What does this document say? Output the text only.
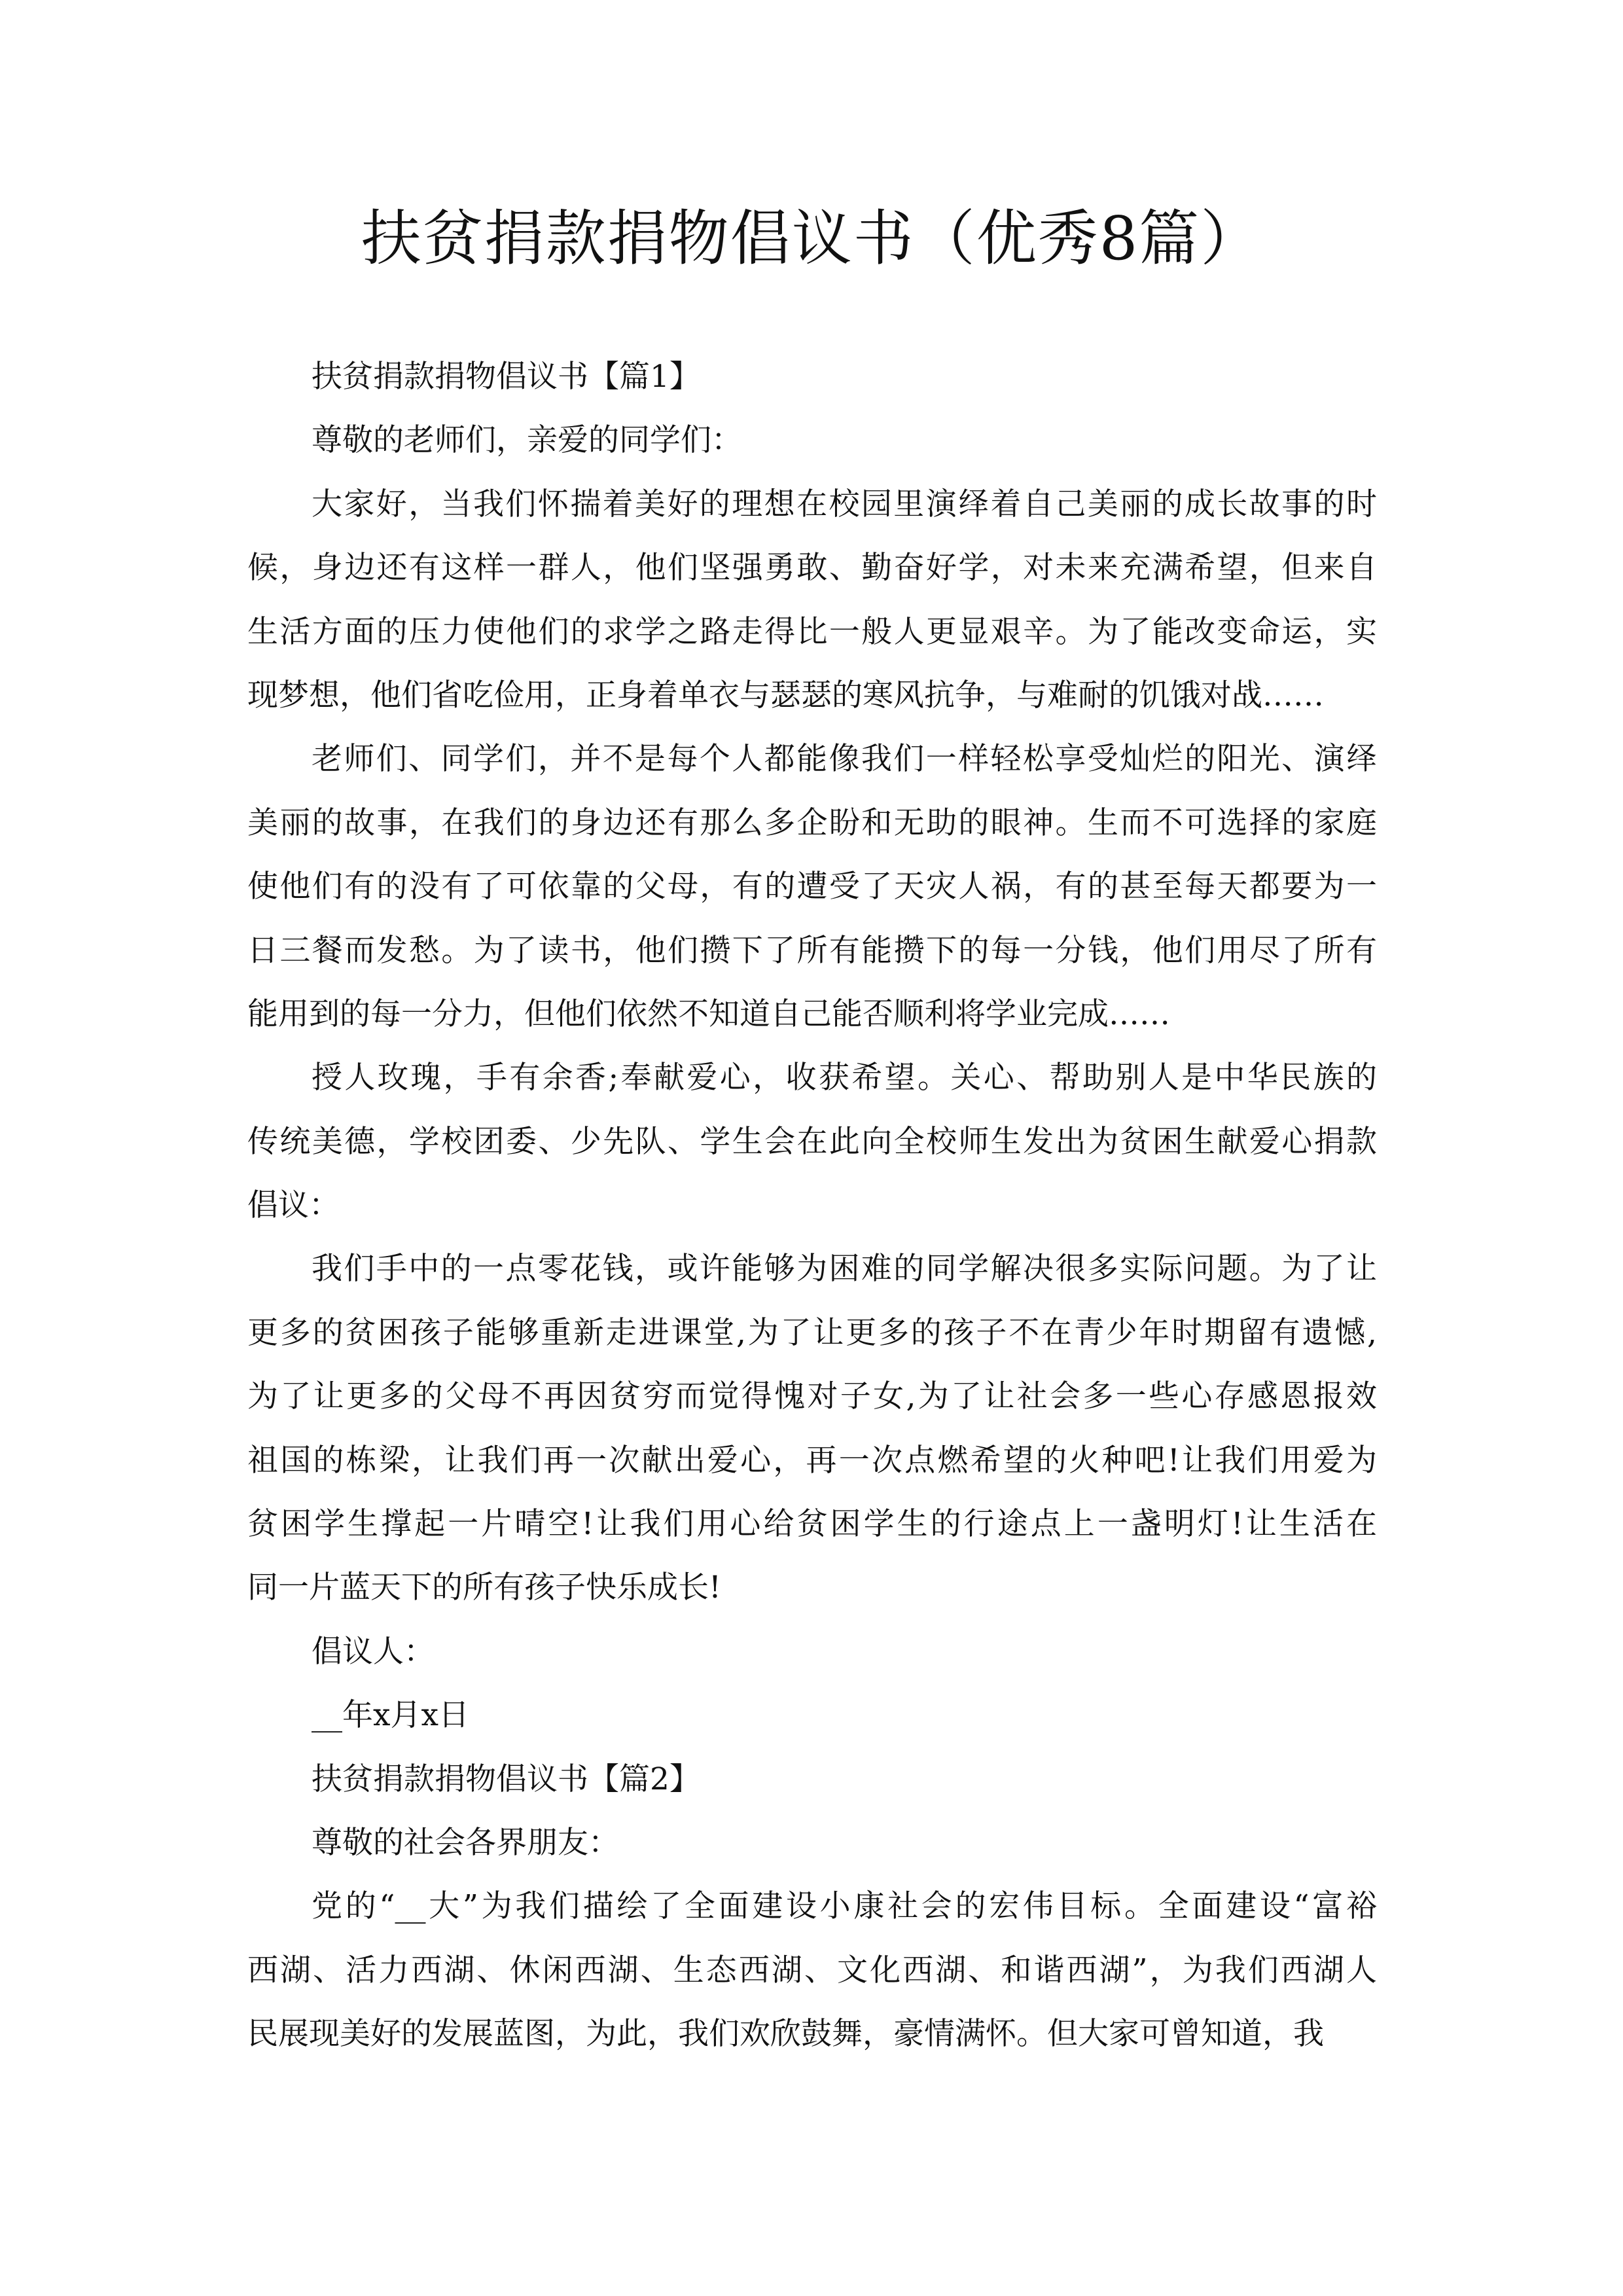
扶贫捐款捐物倡议书（优秀8篇）
扶贫捐款捐物倡议书【篇1】
尊敬的老师们，亲爱的同学们：
大家好，当我们怀揣着美好的理想在校园里演绎着自己美丽的成长故事的时
候，身边还有这样一群人，他们坚强勇敢、勤奋好学，对未来充满希望，但来自
生活方面的压力使他们的求学之路走得比一般人更显艰辛。为了能改变命运，实
现梦想，他们省吃俭用，正身着单衣与瑟瑟的寒风抗争，与难耐的饥饿对战……
老师们、同学们，并不是每个人都能像我们一样轻松享受灿烂的阳光、演绎
美丽的故事，在我们的身边还有那么多企盼和无助的眼神。生而不可选择的家庭
使他们有的没有了可依靠的父母，有的遭受了天灾人祸，有的甚至每天都要为一
日三餐而发愁。为了读书，他们攒下了所有能攒下的每一分钱，他们用尽了所有
能用到的每一分力，但他们依然不知道自己能否顺利将学业完成……
授人玫瑰，手有余香;奉献爱心，收获希望。关心、帮助别人是中华民族的
传统美德，学校团委、少先队、学生会在此向全校师生发出为贫困生献爱心捐款
倡议：
我们手中的一点零花钱，或许能够为困难的同学解决很多实际问题。为了让
更多的贫困孩子能够重新走进课堂,为了让更多的孩子不在青少年时期留有遗憾,
为了让更多的父母不再因贫穷而觉得愧对子女,为了让社会多一些心存感恩报效
祖国的栋梁，让我们再一次献出爱心，再一次点燃希望的火种吧!让我们用爱为
贫困学生撑起一片晴空!让我们用心给贫困学生的行途点上一盏明灯!让生活在
同一片蓝天下的所有孩子快乐成长!
倡议人：
__年x月x日
扶贫捐款捐物倡议书【篇2】
尊敬的社会各界朋友：
党的“__大”为我们描绘了全面建设小康社会的宏伟目标。全面建设“富裕
西湖、活力西湖、休闲西湖、生态西湖、文化西湖、和谐西湖”，为我们西湖人
民展现美好的发展蓝图，为此，我们欢欣鼓舞，豪情满怀。但大家可曾知道，我
